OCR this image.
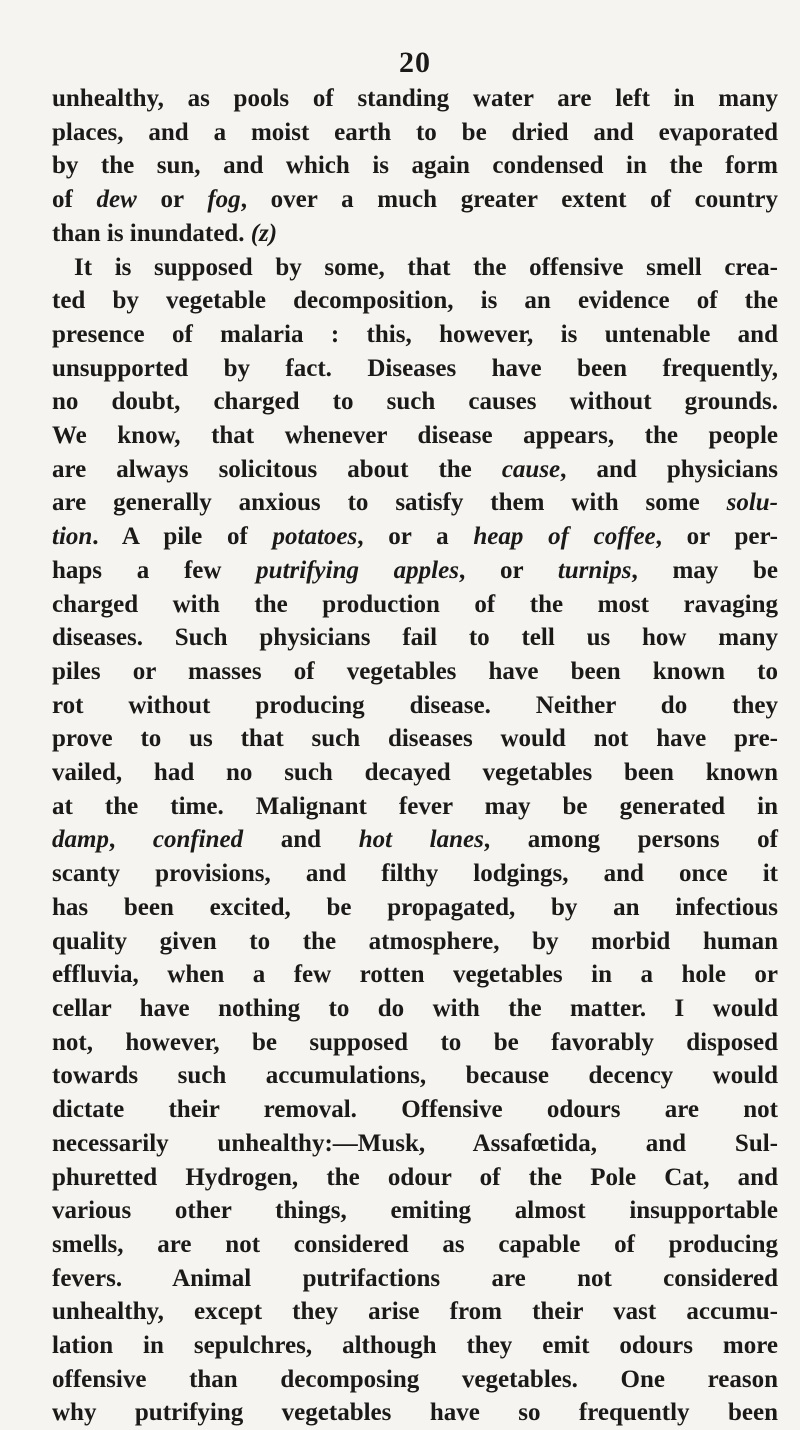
20
unhealthy, as pools of standing water are left in many
places, and a moist earth to be dried and evaporated
by the sun, and which is again condensed in the form
of dew or fog, over a much greater extent of country
than is inundated. (z)
It is supposed by some, that the offensive smell crea-
ted by vegetable decomposition, is an evidence of the
presence of malaria : this, however, is untenable and
unsupported by fact. Diseases have been frequently,
no doubt, charged to such causes without grounds.
We know, that whenever disease appears, the people
are always solicitous about the cause, and physicians
are generally anxious to satisfy them with some solu-
tion. A pile of potatoes, or a heap of coffee, or per-
haps a few putrifying apples, or turnips, may be
charged with the production of the most ravaging
diseases. Such physicians fail to tell us how many
piles or masses of vegetables have been known to
rot without producing disease. Neither do they
prove to us that such diseases would not have pre-
vailed, had no such decayed vegetables been known
at the time. Malignant fever may be generated in
damp, confined and hot lanes, among persons of
scanty provisions, and filthy lodgings, and once it
has been excited, be propagated, by an infectious
quality given to the atmosphere, by morbid human
effluvia, when a few rotten vegetables in a hole or
cellar have nothing to do with the matter. I would
not, however, be supposed to be favorably disposed
towards such accumulations, because decency would
dictate their removal. Offensive odours are not
necessarily unhealthy:—Musk, Assafœtida, and Sul-
phuretted Hydrogen, the odour of the Pole Cat, and
various other things, emiting almost insupportable
smells, are not considered as capable of producing
fevers. Animal putrifactions are not considered
unhealthy, except they arise from their vast accumu-
lation in sepulchres, although they emit odours more
offensive than decomposing vegetables. One reason
why putrifying vegetables have so frequently been
